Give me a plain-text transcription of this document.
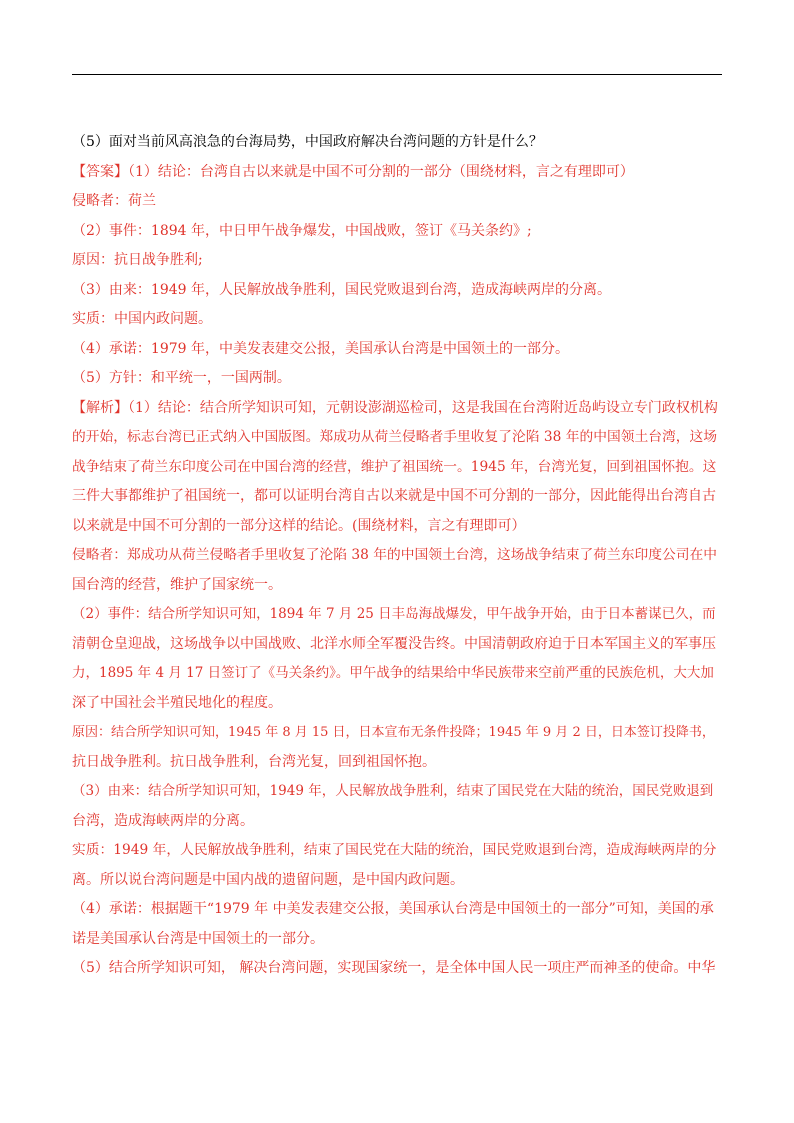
（5）面对当前风高浪急的台海局势，中国政府解决台湾问题的方针是什么？
【答案】（1）结论：台湾自古以来就是中国不可分割的一部分（围绕材料，言之有理即可）
侵略者：荷兰
（2）事件：1894 年，中日甲午战争爆发，中国战败，签订《马关条约》;
原因：抗日战争胜利;
（3）由来：1949 年，人民解放战争胜利，国民党败退到台湾，造成海峡两岸的分离。
实质：中国内政问题。
（4）承诺：1979 年，中美发表建交公报，美国承认台湾是中国领土的一部分。
（5）方针：和平统一，一国两制。
【解析】（1）结论：结合所学知识可知，元朝设澎湖巡检司，这是我国在台湾附近岛屿设立专门政权机构
的开始，标志台湾已正式纳入中国版图。郑成功从荷兰侵略者手里收复了沦陷 38 年的中国领土台湾，这场
战争结束了荷兰东印度公司在中国台湾的经营，维护了祖国统一。1945 年，台湾光复，回到祖国怀抱。这
三件大事都维护了祖国统一，都可以证明台湾自古以来就是中国不可分割的一部分，因此能得出台湾自古
以来就是中国不可分割的一部分这样的结论。(围绕材料，言之有理即可）
侵略者：郑成功从荷兰侵略者手里收复了沦陷 38 年的中国领土台湾，这场战争结束了荷兰东印度公司在中
国台湾的经营，维护了国家统一。
（2）事件：结合所学知识可知，1894 年 7 月 25 日丰岛海战爆发，甲午战争开始，由于日本蓄谋已久，而
清朝仓皇迎战，这场战争以中国战败、北洋水师全军覆没告终。中国清朝政府迫于日本军国主义的军事压
力，1895 年 4 月 17 日签订了《马关条约》。甲午战争的结果给中华民族带来空前严重的民族危机，大大加
深了中国社会半殖民地化的程度。
原因：结合所学知识可知，1945 年 8 月 15 日，日本宣布无条件投降；1945 年 9 月 2 日，日本签订投降书，
抗日战争胜利。抗日战争胜利，台湾光复，回到祖国怀抱。
（3）由来：结合所学知识可知，1949 年，人民解放战争胜利，结束了国民党在大陆的统治，国民党败退到
台湾，造成海峡两岸的分离。
实质：1949 年，人民解放战争胜利，结束了国民党在大陆的统治，国民党败退到台湾，造成海峡两岸的分
离。所以说台湾问题是中国内战的遗留问题，是中国内政问题。
（4）承诺：根据题干“1979 年 中美发表建交公报，美国承认台湾是中国领土的一部分”可知，美国的承
诺是美国承认台湾是中国领土的一部分。
（5）结合所学知识可知， 解决台湾问题，实现国家统一，是全体中国人民一项庄严而神圣的使命。中华
